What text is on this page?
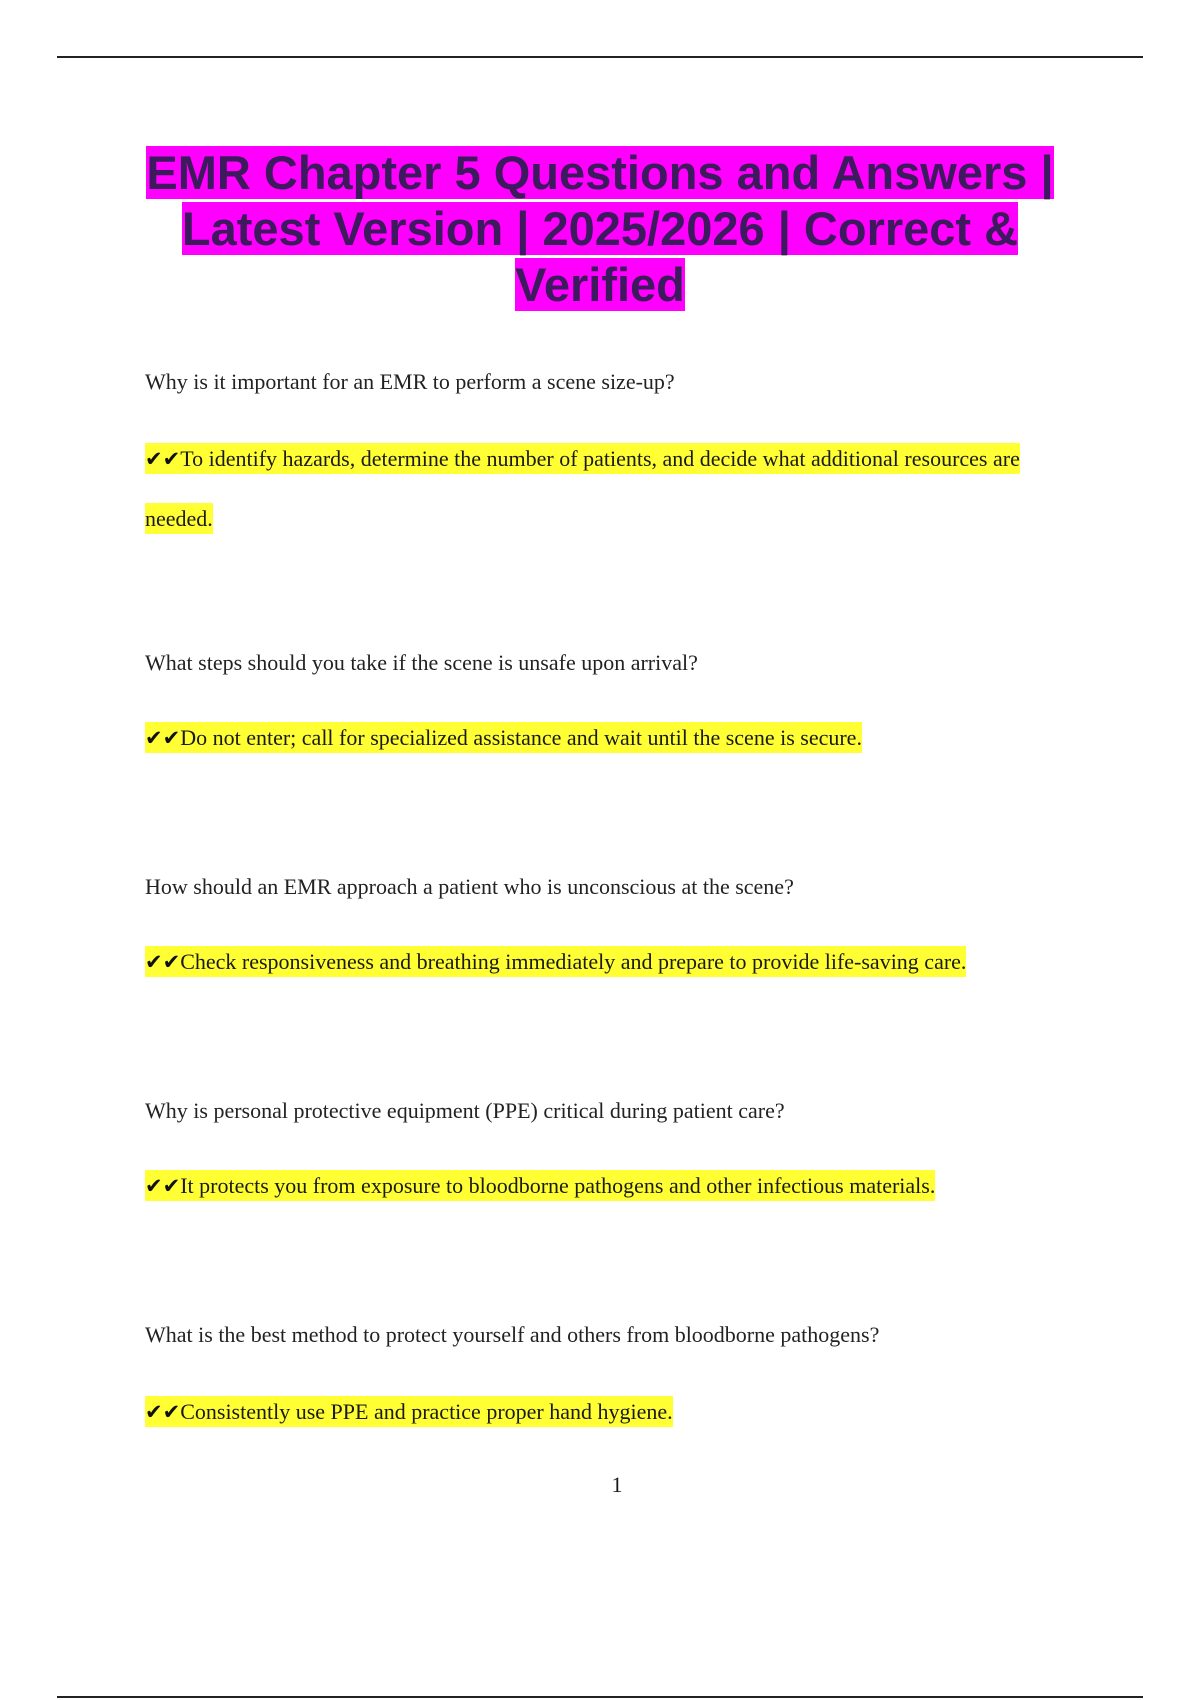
EMR Chapter 5 Questions and Answers | Latest Version | 2025/2026 | Correct & Verified

Why is it important for an EMR to perform a scene size-up?

✔✔To identify hazards, determine the number of patients, and decide what additional resources are needed.

What steps should you take if the scene is unsafe upon arrival?

✔✔Do not enter; call for specialized assistance and wait until the scene is secure.

How should an EMR approach a patient who is unconscious at the scene?

✔✔Check responsiveness and breathing immediately and prepare to provide life-saving care.

Why is personal protective equipment (PPE) critical during patient care?

✔✔It protects you from exposure to bloodborne pathogens and other infectious materials.

What is the best method to protect yourself and others from bloodborne pathogens?

✔✔Consistently use PPE and practice proper hand hygiene.

1
